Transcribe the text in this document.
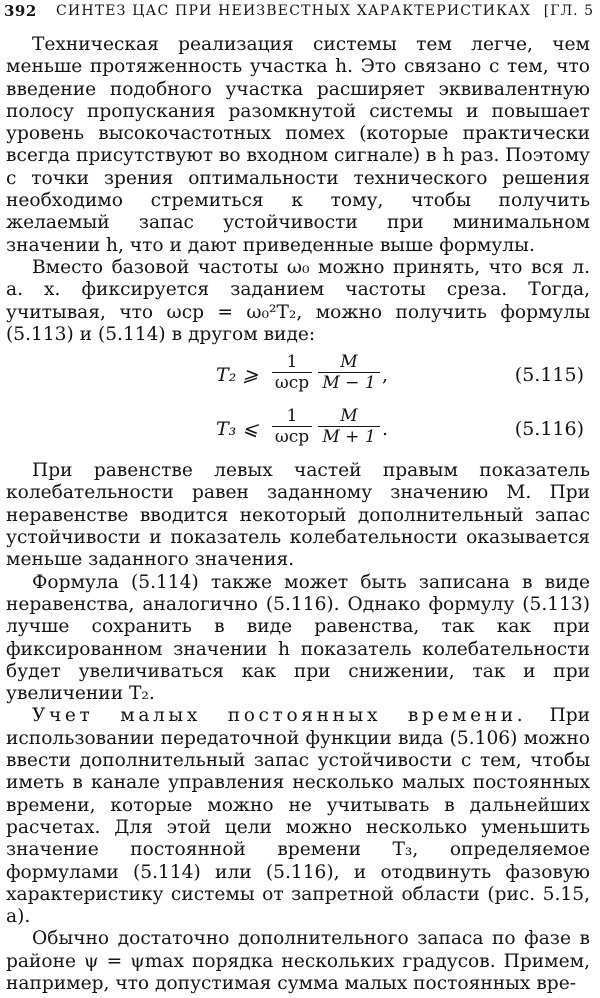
392 СИНТЕЗ ЦАС ПРИ НЕИЗВЕСТНЫХ ХАРАКТЕРИСТИКАХ [ГЛ. 5

Техническая реализация системы тем легче, чем меньше протяженность участка h. Это связано с тем, что введение подобного участка расширяет эквивалентную полосу пропускания разомкнутой системы и повышает уровень высокочастотных помех (которые практически всегда присутствуют во входном сигнале) в h раз. Поэтому с точки зрения оптимальности технического решения необходимо стремиться к тому, чтобы получить желаемый запас устойчивости при минимальном значении h, что и дают приведенные выше формулы.

Вместо базовой частоты ω₀ можно принять, что вся л. а. х. фиксируется заданием частоты среза. Тогда, учитывая, что ωср = ω₀²T₂, можно получить формулы (5.113) и (5.114) в другом виде:

T₂ ⩾
1
ωср $\frac{M}{M - 1}$ ,	(5.115)
T₃ ⩽
1
ωср $\frac{M}{M + 1}$ .	(5.116)

При равенстве левых частей правым показатель колебательности равен заданному значению M. При неравенстве вводится некоторый дополнительный запас устойчивости и показатель колебательности оказывается меньше заданного значения.

Формула (5.114) также может быть записана в виде неравенства, аналогично (5.116). Однако формулу (5.113) лучше сохранить в виде равенства, так как при фиксированном значении h показатель колебательности будет увеличиваться как при снижении, так и при увеличении T₂.

Учет малых постоянных времени. При использовании передаточной функции вида (5.106) можно ввести дополнительный запас устойчивости с тем, чтобы иметь в канале управления несколько малых постоянных времени, которые можно не учитывать в дальнейших расчетах. Для этой цели можно несколько уменьшить значение постоянной времени T₃, определяемое формулами (5.114) или (5.116), и отодвинуть фазовую характеристику системы от запретной области (рис. 5.15, a).

Обычно достаточно дополнительного запаса по фазе в районе ψ = ψmax порядка нескольких градусов. Примем, например, что допустимая сумма малых постоянных вре-
